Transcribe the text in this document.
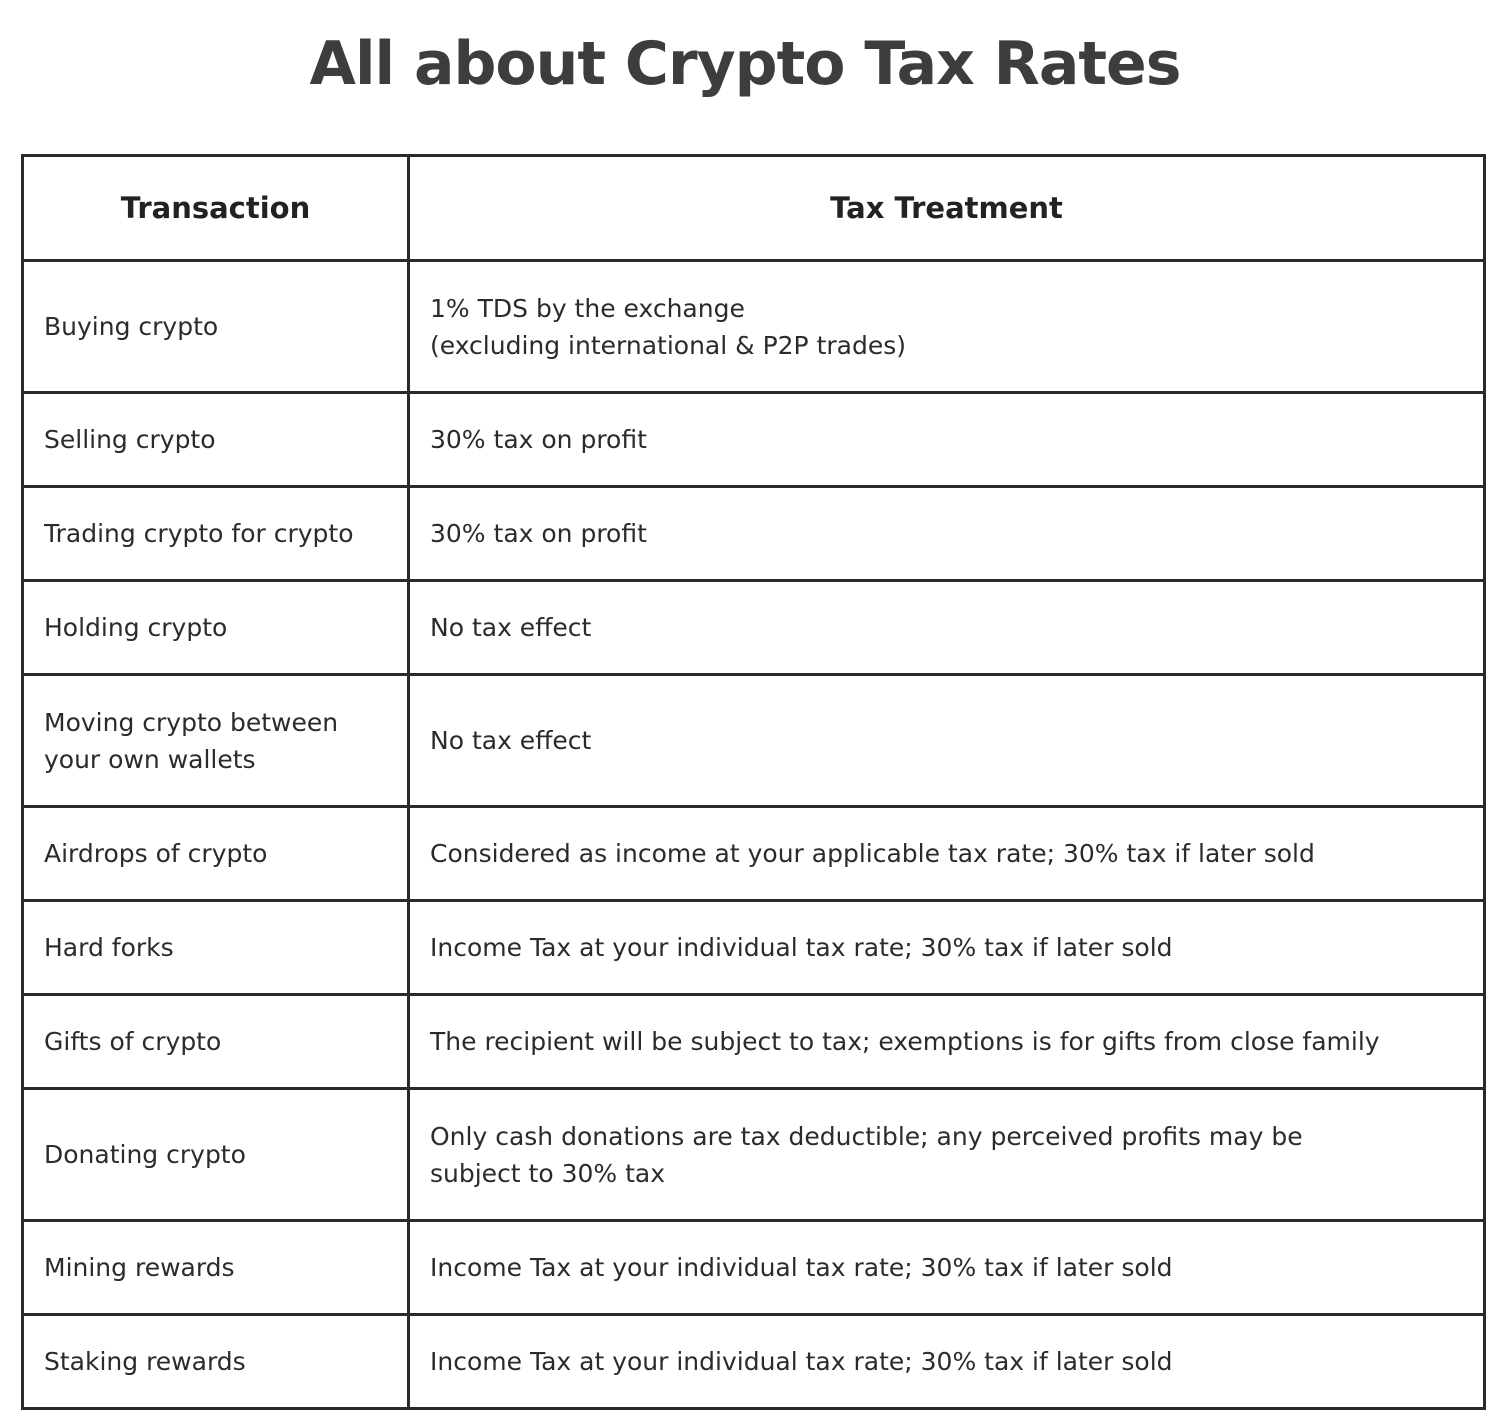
All about Crypto Tax Rates
Transaction	Tax Treatment

Buying crypto	1% TDS by the exchange
(excluding international & P2P trades)

Selling crypto	30% tax on profit

Trading crypto for crypto	30% tax on profit

Holding crypto	No tax effect

Moving crypto between
your own wallets	No tax effect

Airdrops of crypto	Considered as income at your applicable tax rate; 30% tax if later sold

Hard forks	Income Tax at your individual tax rate; 30% tax if later sold

Gifts of crypto	The recipient will be subject to tax; exemptions is for gifts from close family

Donating crypto	Only cash donations are tax deductible; any perceived profits may be
subject to 30% tax

Mining rewards	Income Tax at your individual tax rate; 30% tax if later sold

Staking rewards	Income Tax at your individual tax rate; 30% tax if later sold
